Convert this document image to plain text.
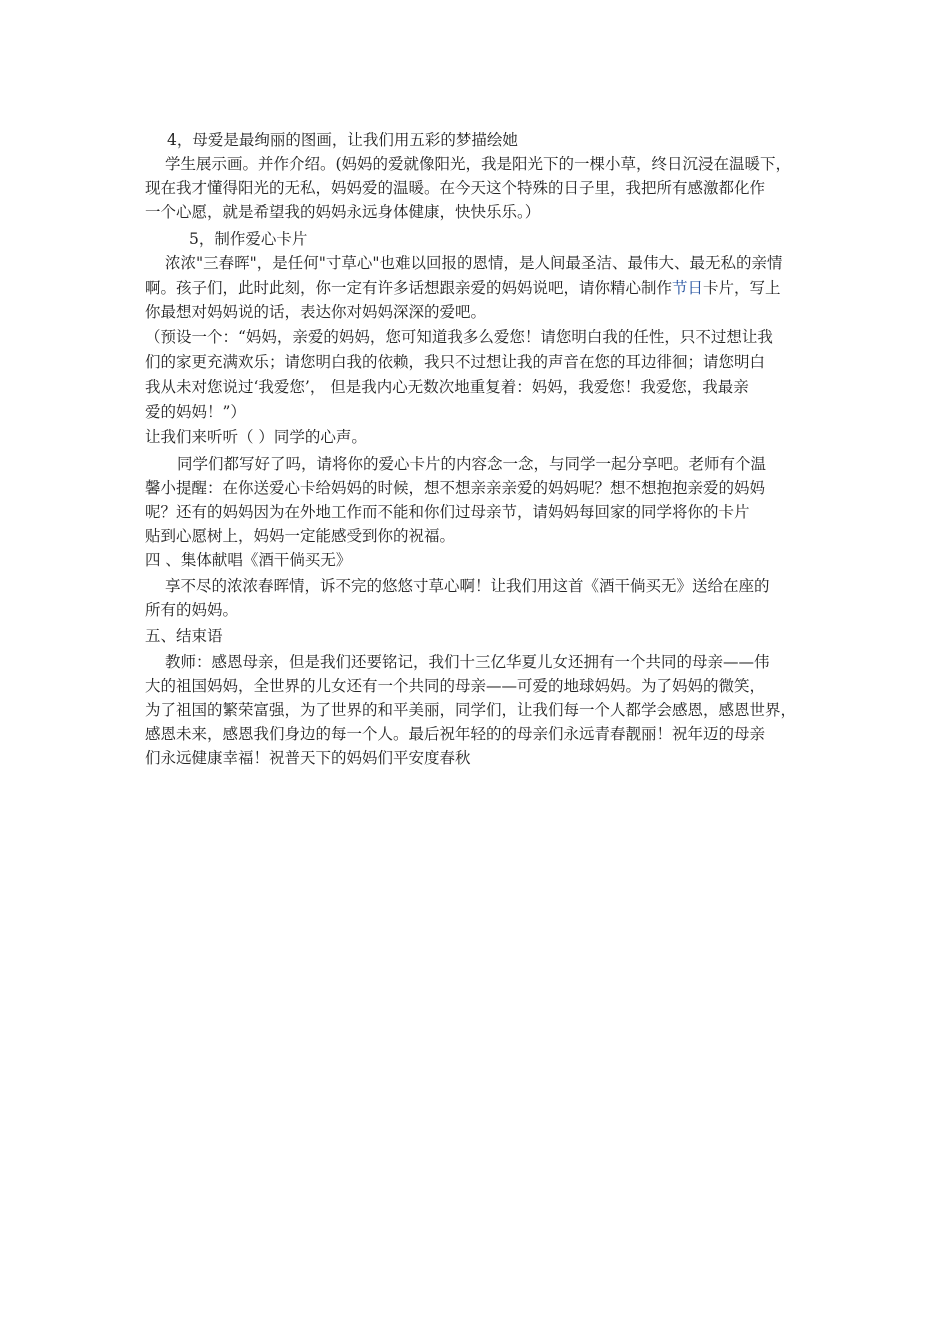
4，母爱是最绚丽的图画，让我们用五彩的梦描绘她
学生展示画。并作介绍。(妈妈的爱就像阳光，我是阳光下的一棵小草，终日沉浸在温暖下，
现在我才懂得阳光的无私，妈妈爱的温暖。在今天这个特殊的日子里，我把所有感激都化作
一个心愿，就是希望我的妈妈永远身体健康，快快乐乐。）
5，制作爱心卡片
浓浓"三春晖"，是任何"寸草心"也难以回报的恩情，是人间最圣洁、最伟大、最无私的亲情
啊。孩子们，此时此刻，你一定有许多话想跟亲爱的妈妈说吧，请你精心制作节日卡片，写上
你最想对妈妈说的话，表达你对妈妈深深的爱吧。
（预设一个：“妈妈，亲爱的妈妈，您可知道我多么爱您！请您明白我的任性，只不过想让我
们的家更充满欢乐；请您明白我的依赖，我只不过想让我的声音在您的耳边徘徊；请您明白
我从未对您说过‘我爱您’， 但是我内心无数次地重复着：妈妈，我爱您！我爱您，我最亲
爱的妈妈！”）
让我们来听听（ ）同学的心声。
同学们都写好了吗，请将你的爱心卡片的内容念一念，与同学一起分享吧。老师有个温
馨小提醒：在你送爱心卡给妈妈的时候，想不想亲亲亲爱的妈妈呢？想不想抱抱亲爱的妈妈
呢？还有的妈妈因为在外地工作而不能和你们过母亲节，请妈妈每回家的同学将你的卡片
贴到心愿树上，妈妈一定能感受到你的祝福。
四 、集体献唱《酒干倘买无》
享不尽的浓浓春晖情，诉不完的悠悠寸草心啊！让我们用这首《酒干倘买无》送给在座的
所有的妈妈。
五、结束语
教师：感恩母亲，但是我们还要铭记，我们十三亿华夏儿女还拥有一个共同的母亲——伟
大的祖国妈妈，全世界的儿女还有一个共同的母亲——可爱的地球妈妈。为了妈妈的微笑，
为了祖国的繁荣富强，为了世界的和平美丽，同学们，让我们每一个人都学会感恩，感恩世界，
感恩未来，感恩我们身边的每一个人。最后祝年轻的的母亲们永远青春靓丽！祝年迈的母亲
们永远健康幸福！祝普天下的妈妈们平安度春秋
